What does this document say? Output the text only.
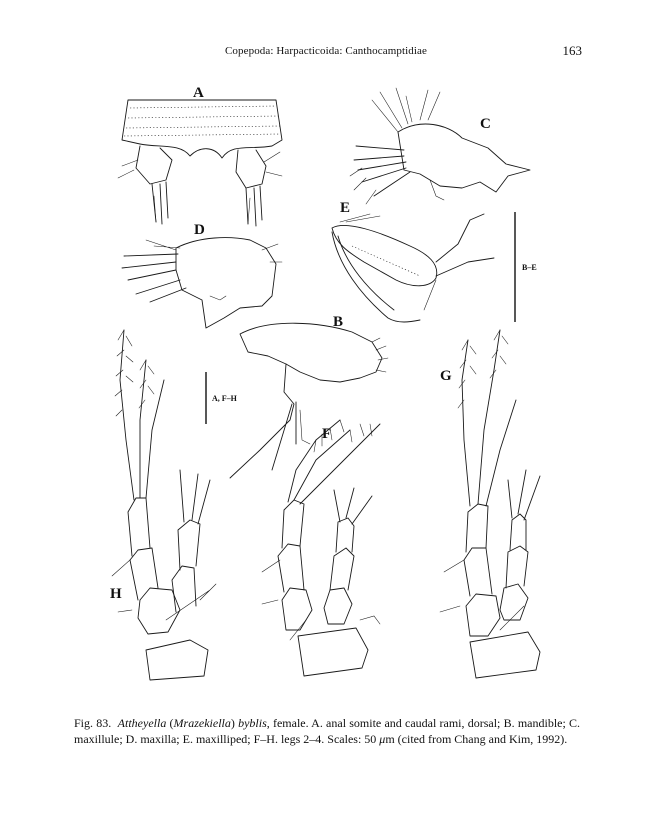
Copepoda: Harpacticoida: Canthocamptidiae	163
A
C
D
E
B–E
B
A, F–H
H
F
G
Fig. 83. Attheyella (Mrazekiella) byblis, female. A. anal somite and caudal rami, dorsal; B. mandible; C. maxillule; D. maxilla; E. maxilliped; F–H. legs 2–4. Scales: 50 μm (cited from Chang and Kim, 1992).
